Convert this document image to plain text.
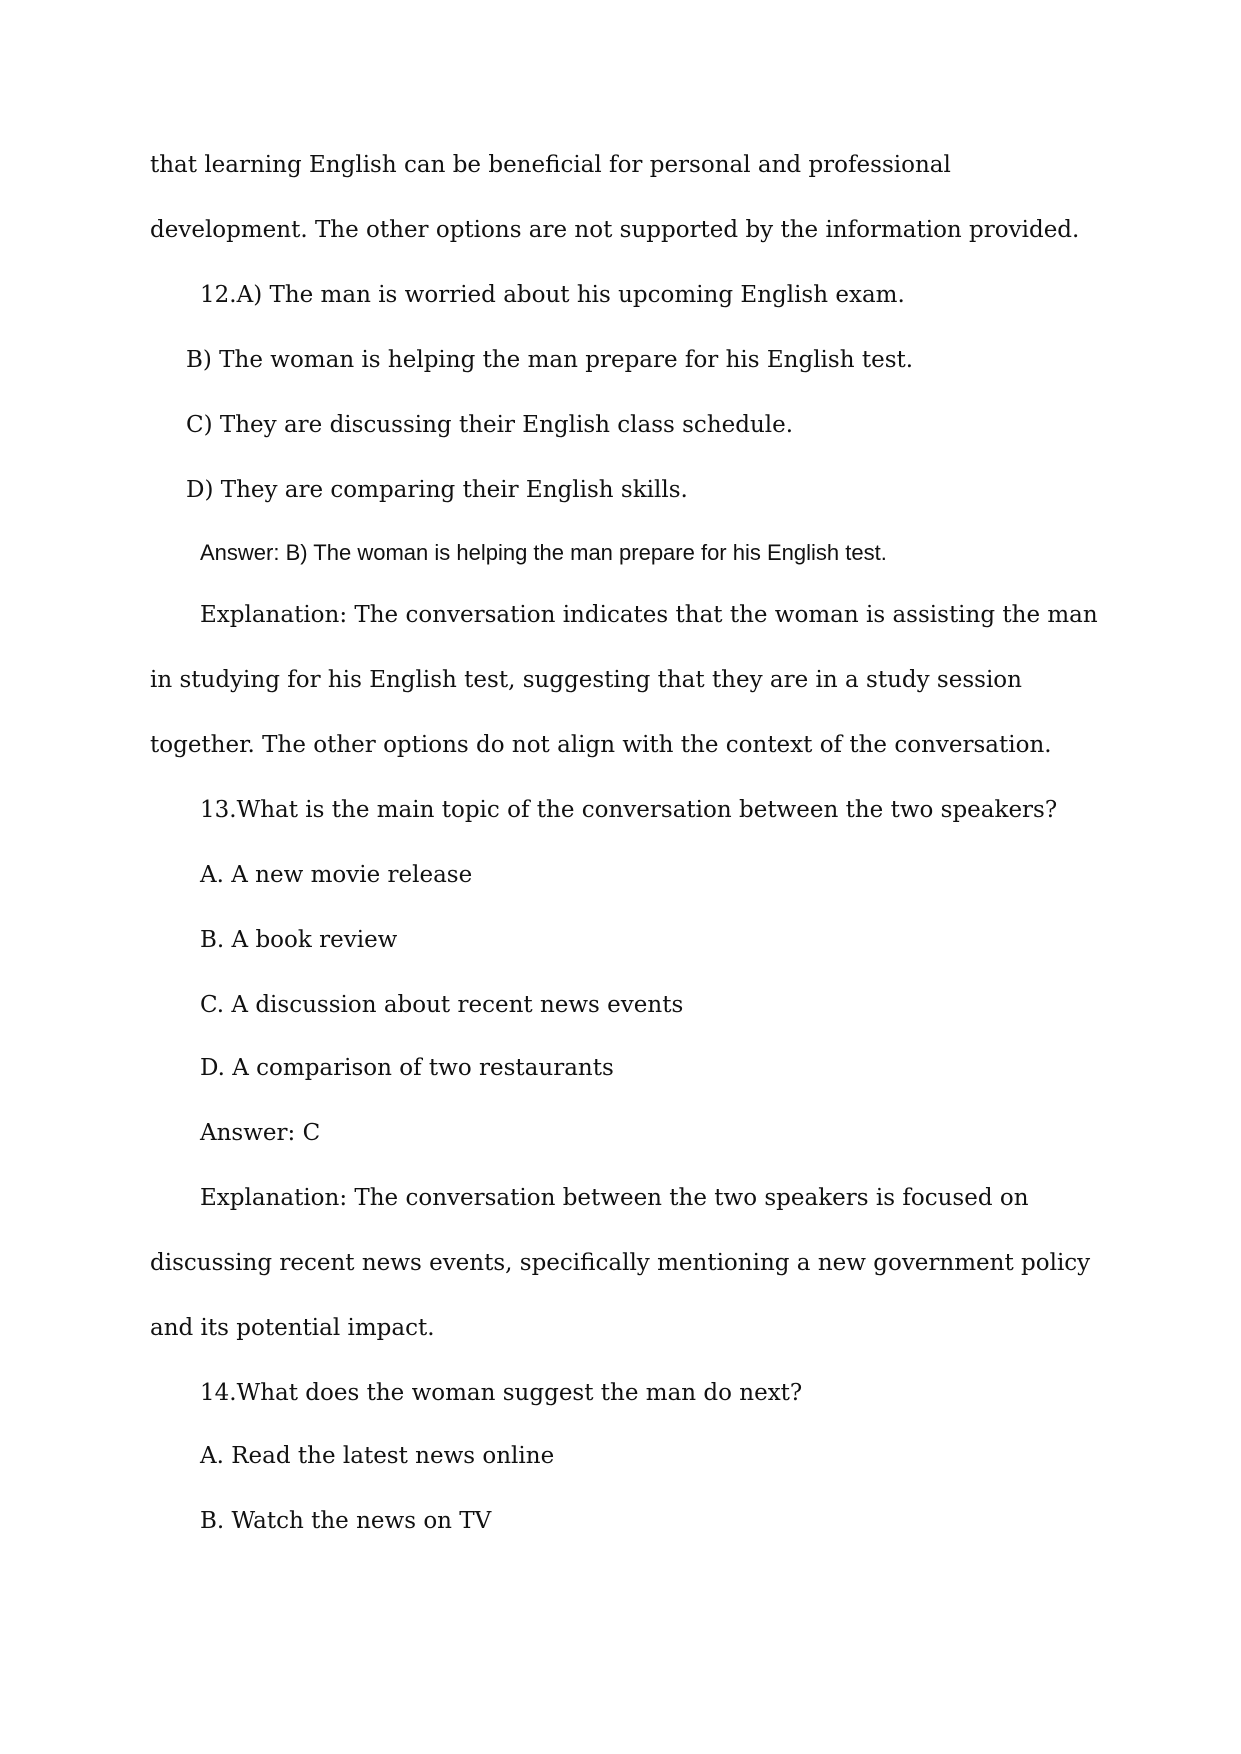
that learning English can be beneficial for personal and professional

development. The other options are not supported by the information provided.

12.A) The man is worried about his upcoming English exam.

B) The woman is helping the man prepare for his English test.

C) They are discussing their English class schedule.

D) They are comparing their English skills.

Answer: B) The woman is helping the man prepare for his English test.

Explanation: The conversation indicates that the woman is assisting the man

in studying for his English test, suggesting that they are in a study session

together. The other options do not align with the context of the conversation.

13.What is the main topic of the conversation between the two speakers?

A. A new movie release

B. A book review

C. A discussion about recent news events

D. A comparison of two restaurants

Answer: C

Explanation: The conversation between the two speakers is focused on

discussing recent news events, specifically mentioning a new government policy

and its potential impact.

14.What does the woman suggest the man do next?

A. Read the latest news online

B. Watch the news on TV
